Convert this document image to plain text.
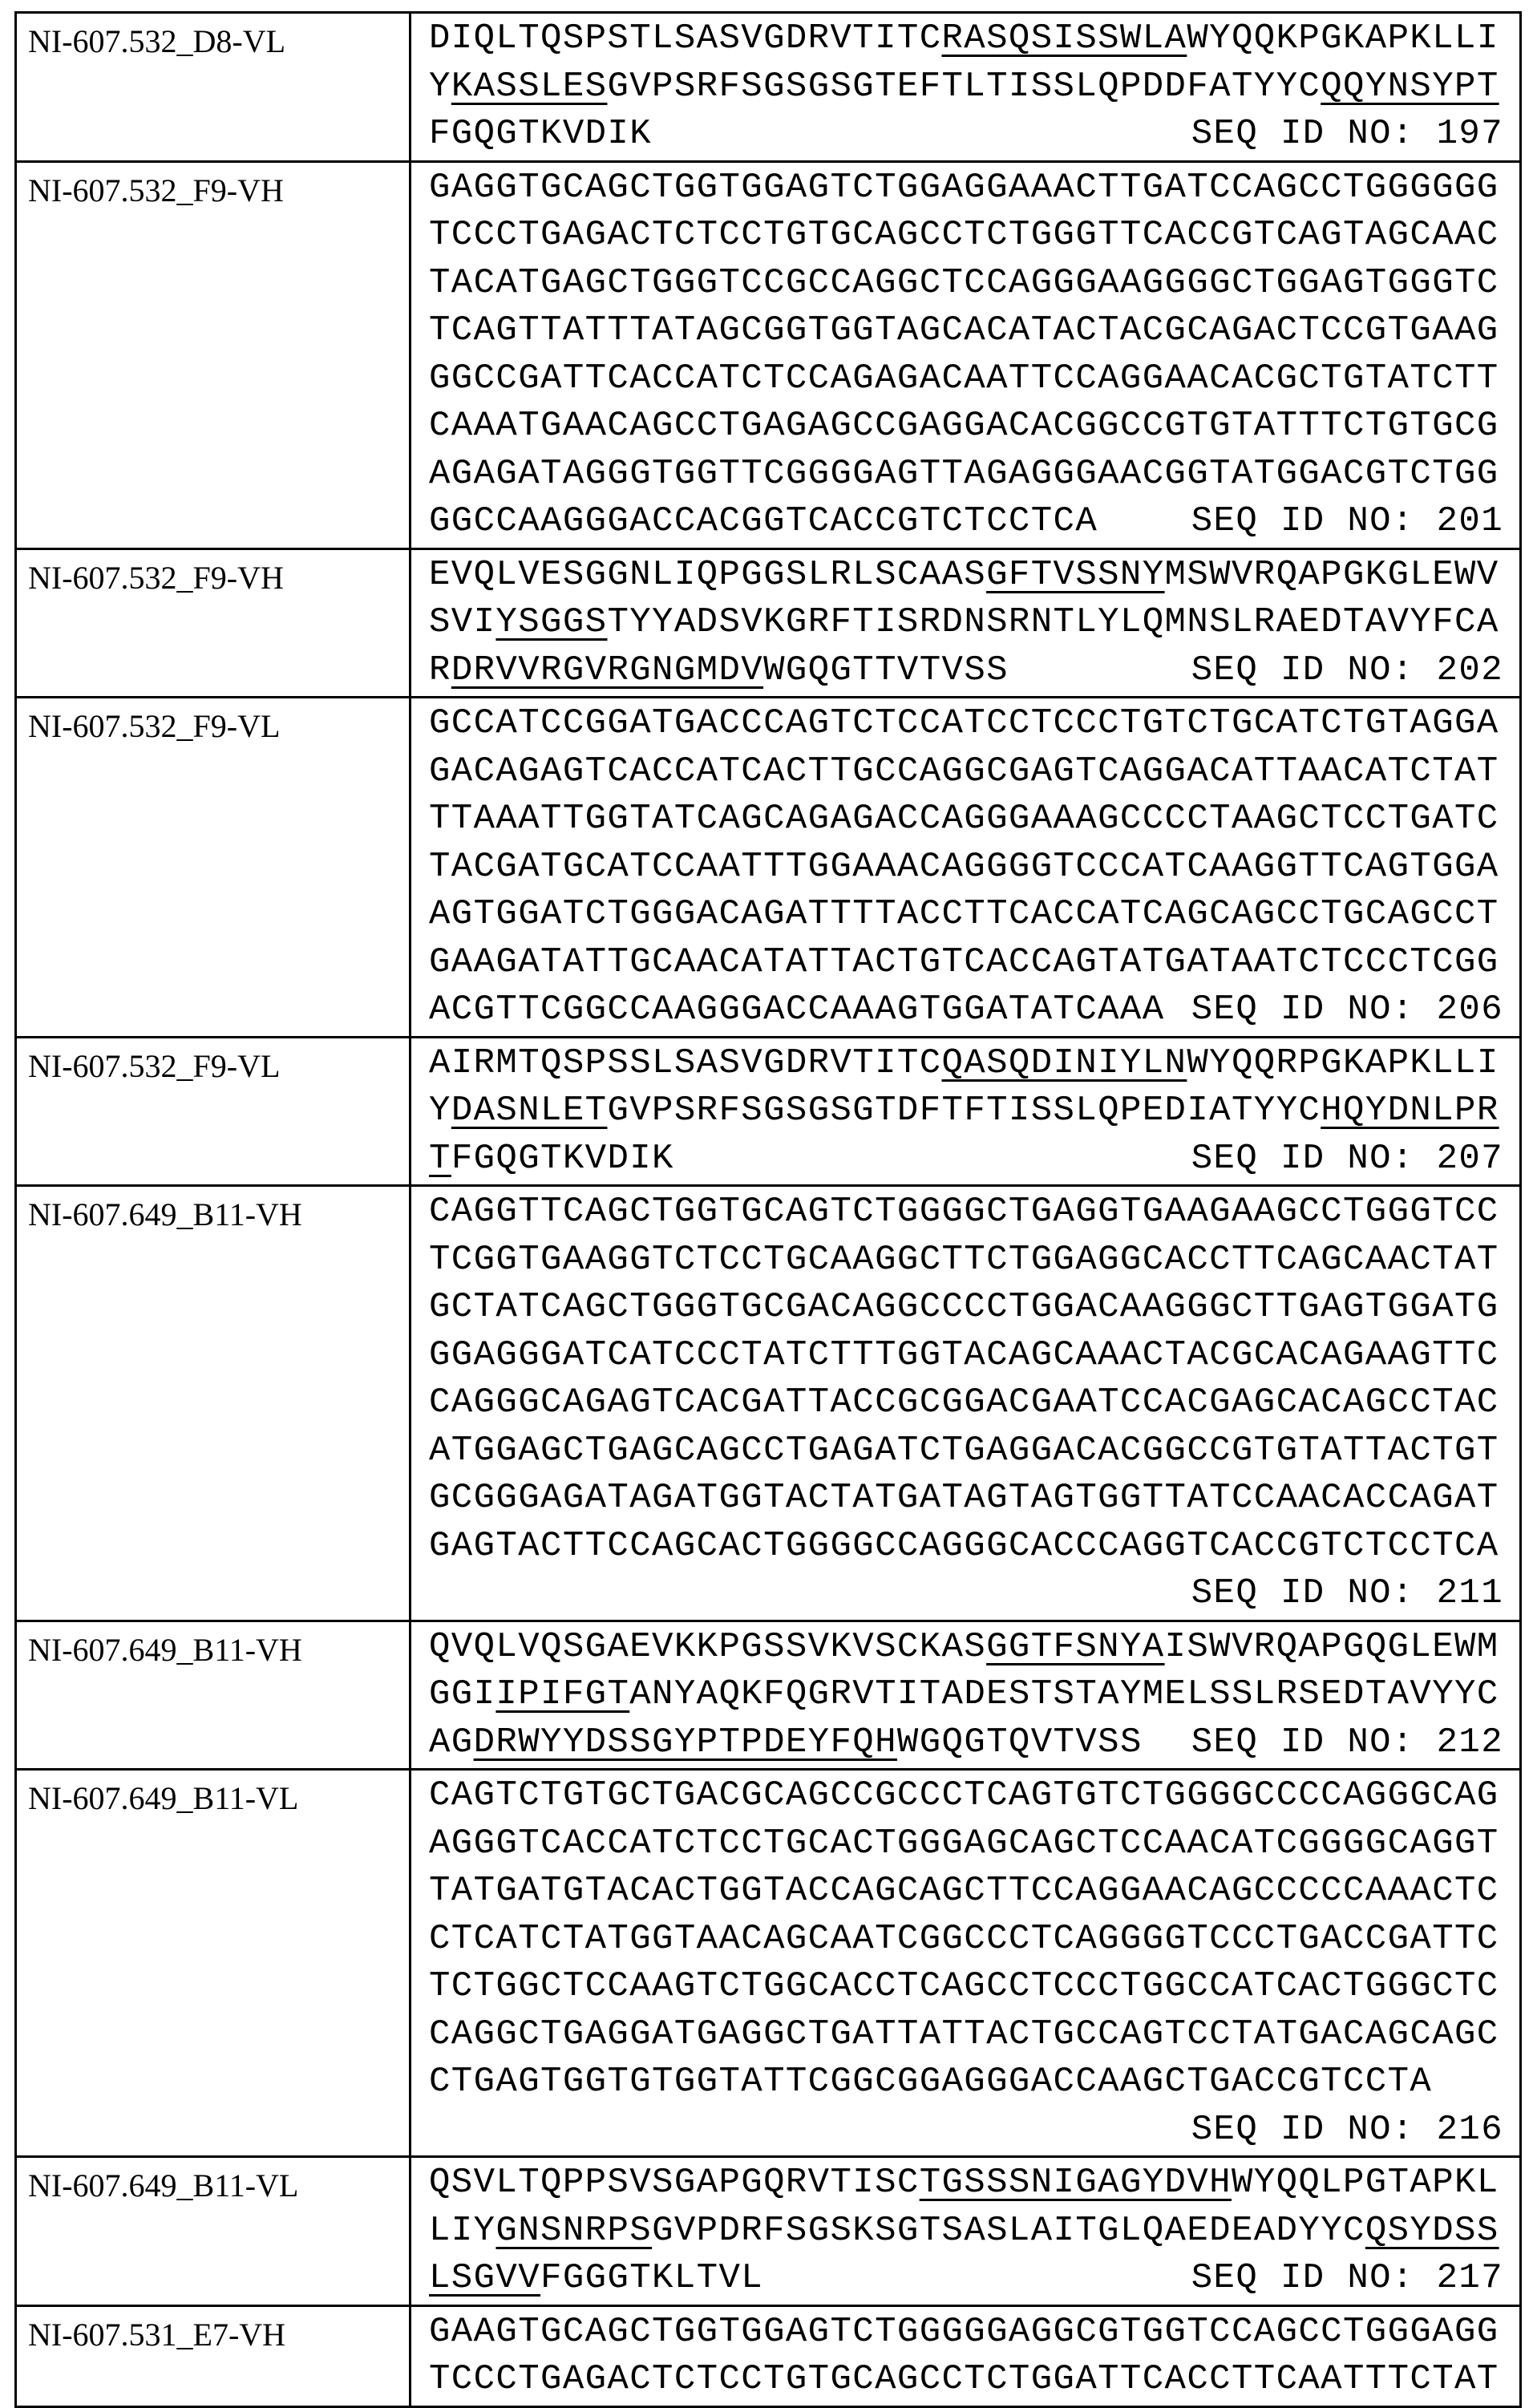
NI-607.532_D8-VL	DIQLTQSPSTLSASVGDRVTITCRASQSISSWLAWYQQKPGKAPKLLI
YKASSLESGVPSRFSGSGSGTEFTLTISSLQPDDFATYYCQQYNSYPT
FGQGTKVDIK	SEQ ID NO: 197

NI-607.532_F9-VH	GAGGTGCAGCTGGTGGAGTCTGGAGGAAACTTGATCCAGCCTGGGGGG
TCCCTGAGACTCTCCTGTGCAGCCTCTGGGTTCACCGTCAGTAGCAAC
TACATGAGCTGGGTCCGCCAGGCTCCAGGGAAGGGGCTGGAGTGGGTC
TCAGTTATTTATAGCGGTGGTAGCACATACTACGCAGACTCCGTGAAG
GGCCGATTCACCATCTCCAGAGACAATTCCAGGAACACGCTGTATCTT
CAAATGAACAGCCTGAGAGCCGAGGACACGGCCGTGTATTTCTGTGCG
AGAGATAGGGTGGTTCGGGGAGTTAGAGGGAACGGTATGGACGTCTGG
GGCCAAGGGACCACGGTCACCGTCTCCTCA	SEQ ID NO: 201

NI-607.532_F9-VH	EVQLVESGGNLIQPGGSLRLSCAASGFTVSSNYMSWVRQAPGKGLEWV
SVIYSGGSTYYADSVKGRFTISRDNSRNTLYLQMNSLRAEDTAVYFCA
RDRVVRGVRGNGMDVWGQGTTVTVSS	SEQ ID NO: 202

NI-607.532_F9-VL	GCCATCCGGATGACCCAGTCTCCATCCTCCCTGTCTGCATCTGTAGGA
GACAGAGTCACCATCACTTGCCAGGCGAGTCAGGACATTAACATCTAT
TTAAATTGGTATCAGCAGAGACCAGGGAAAGCCCCTAAGCTCCTGATC
TACGATGCATCCAATTTGGAAACAGGGGTCCCATCAAGGTTCAGTGGA
AGTGGATCTGGGACAGATTTTACCTTCACCATCAGCAGCCTGCAGCCT
GAAGATATTGCAACATATTACTGTCACCAGTATGATAATCTCCCTCGG
ACGTTCGGCCAAGGGACCAAAGTGGATATCAAA SEQ ID NO: 206

NI-607.532_F9-VL	AIRMTQSPSSLSASVGDRVTITCQASQDINIYLNWYQQRPGKAPKLLI
YDASNLETGVPSRFSGSGSGTDFTFTISSLQPEDIATYYCHQYDNLPR
TFGQGTKVDIK	SEQ ID NO: 207

NI-607.649_B11-VH	CAGGTTCAGCTGGTGCAGTCTGGGGCTGAGGTGAAGAAGCCTGGGTCC
TCGGTGAAGGTCTCCTGCAAGGCTTCTGGAGGCACCTTCAGCAACTAT
GCTATCAGCTGGGTGCGACAGGCCCCTGGACAAGGGCTTGAGTGGATG
GGAGGGATCATCCCTATCTTTGGTACAGCAAACTACGCACAGAAGTTC
CAGGGCAGAGTCACGATTACCGCGGACGAATCCACGAGCACAGCCTAC
ATGGAGCTGAGCAGCCTGAGATCTGAGGACACGGCCGTGTATTACTGT
GCGGGAGATAGATGGTACTATGATAGTAGTGGTTATCCAACACCAGAT
GAGTACTTCCAGCACTGGGGCCAGGGCACCCAGGTCACCGTCTCCTCA
SEQ ID NO: 211

NI-607.649_B11-VH	QVQLVQSGAEVKKPGSSVKVSCKASGGTFSNYAISWVRQAPGQGLEWM
GGIIPIFGTANYAQKFQGRVTITADESTSTAYMELSSLRSEDTAVYYC
AGDRWYYDSSGYPTPDEYFQHWGQGTQVTVSS SEQ ID NO: 212

NI-607.649_B11-VL	CAGTCTGTGCTGACGCAGCCGCCCTCAGTGTCTGGGGCCCCAGGGCAG
AGGGTCACCATCTCCTGCACTGGGAGCAGCTCCAACATCGGGGCAGGT
TATGATGTACACTGGTACCAGCAGCTTCCAGGAACAGCCCCCAAACTC
CTCATCTATGGTAACAGCAATCGGCCCTCAGGGGTCCCTGACCGATTC
TCTGGCTCCAAGTCTGGCACCTCAGCCTCCCTGGCCATCACTGGGCTC
CAGGCTGAGGATGAGGCTGATTATTACTGCCAGTCCTATGACAGCAGC
CTGAGTGGTGTGGTATTCGGCGGAGGGACCAAGCTGACCGTCCTA
SEQ ID NO: 216

NI-607.649_B11-VL	QSVLTQPPSVSGAPGQRVTISCTGSSSNIGAGYDVHWYQQLPGTAPKL
LIYGNSNRPSGVPDRFSGSKSGTSASLAITGLQAEDEADYYCQSYDSS
LSGVVFGGGTKLTVL	SEQ ID NO: 217

NI-607.531_E7-VH	GAAGTGCAGCTGGTGGAGTCTGGGGGAGGCGTGGTCCAGCCTGGGAGG
TCCCTGAGACTCTCCTGTGCAGCCTCTGGATTCACCTTCAATTTCTAT
